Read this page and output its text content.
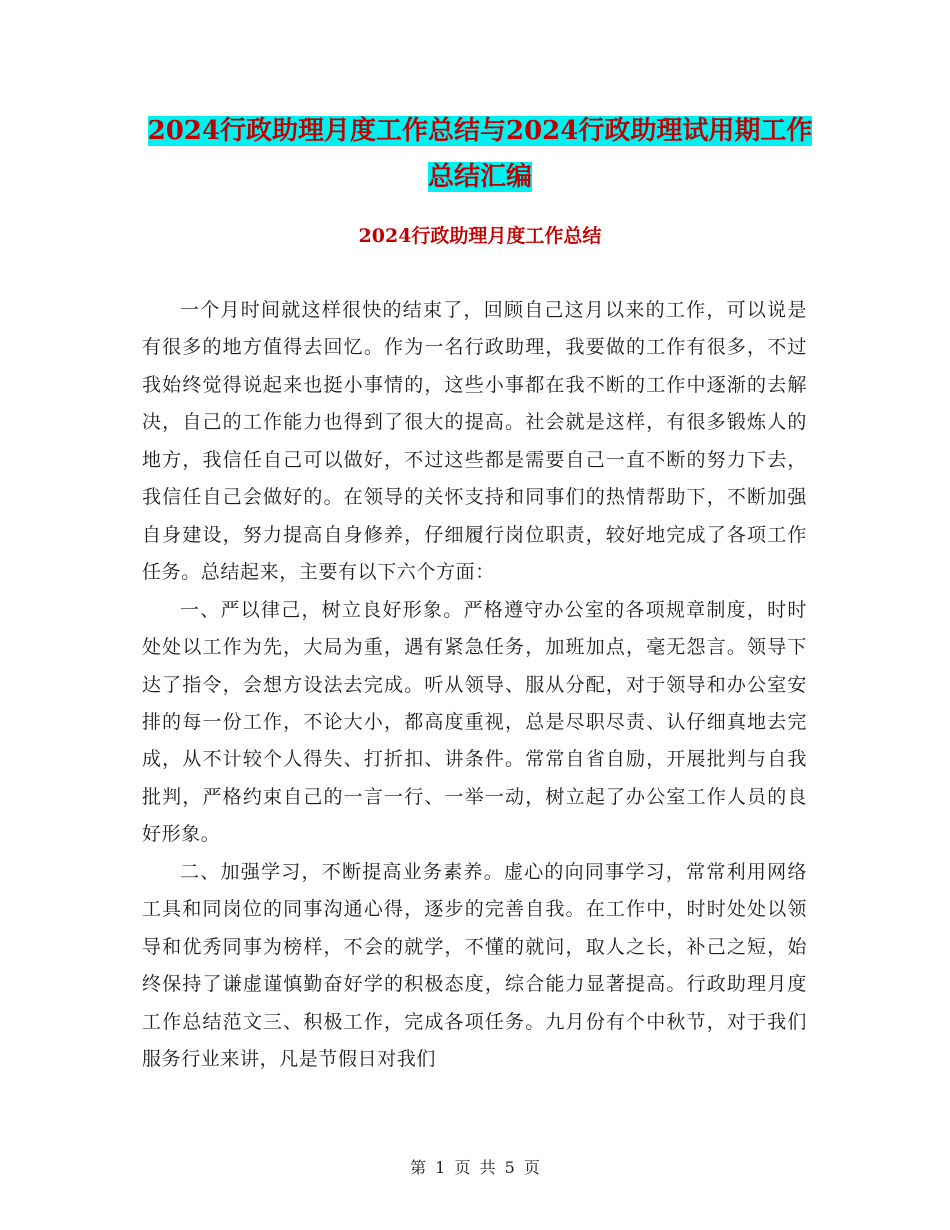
2024行政助理月度工作总结与2024行政助理试用期工作总结汇编
2024行政助理月度工作总结

一个月时间就这样很快的结束了，回顾自己这月以来的工作，可以说是有很多的地方值得去回忆。作为一名行政助理，我要做的工作有很多，不过我始终觉得说起来也挺小事情的，这些小事都在我不断的工作中逐渐的去解决，自己的工作能力也得到了很大的提高。社会就是这样，有很多锻炼人的地方，我信任自己可以做好，不过这些都是需要自己一直不断的努力下去，我信任自己会做好的。在领导的关怀支持和同事们的热情帮助下，不断加强自身建设，努力提高自身修养，仔细履行岗位职责，较好地完成了各项工作任务。总结起来，主要有以下六个方面：

一、严以律己，树立良好形象。严格遵守办公室的各项规章制度，时时处处以工作为先，大局为重，遇有紧急任务，加班加点，毫无怨言。领导下达了指令，会想方设法去完成。听从领导、服从分配，对于领导和办公室安排的每一份工作，不论大小，都高度重视，总是尽职尽责、认仔细真地去完成，从不计较个人得失、打折扣、讲条件。常常自省自励，开展批判与自我批判，严格约束自己的一言一行、一举一动，树立起了办公室工作人员的良好形象。

二、加强学习，不断提高业务素养。虚心的向同事学习，常常利用网络工具和同岗位的同事沟通心得，逐步的完善自我。在工作中，时时处处以领导和优秀同事为榜样，不会的就学，不懂的就问，取人之长，补己之短，始终保持了谦虚谨慎勤奋好学的积极态度，综合能力显著提高。行政助理月度工作总结范文三、积极工作，完成各项任务。九月份有个中秋节，对于我们服务行业来讲，凡是节假日对我们

第 1 页 共 5 页
